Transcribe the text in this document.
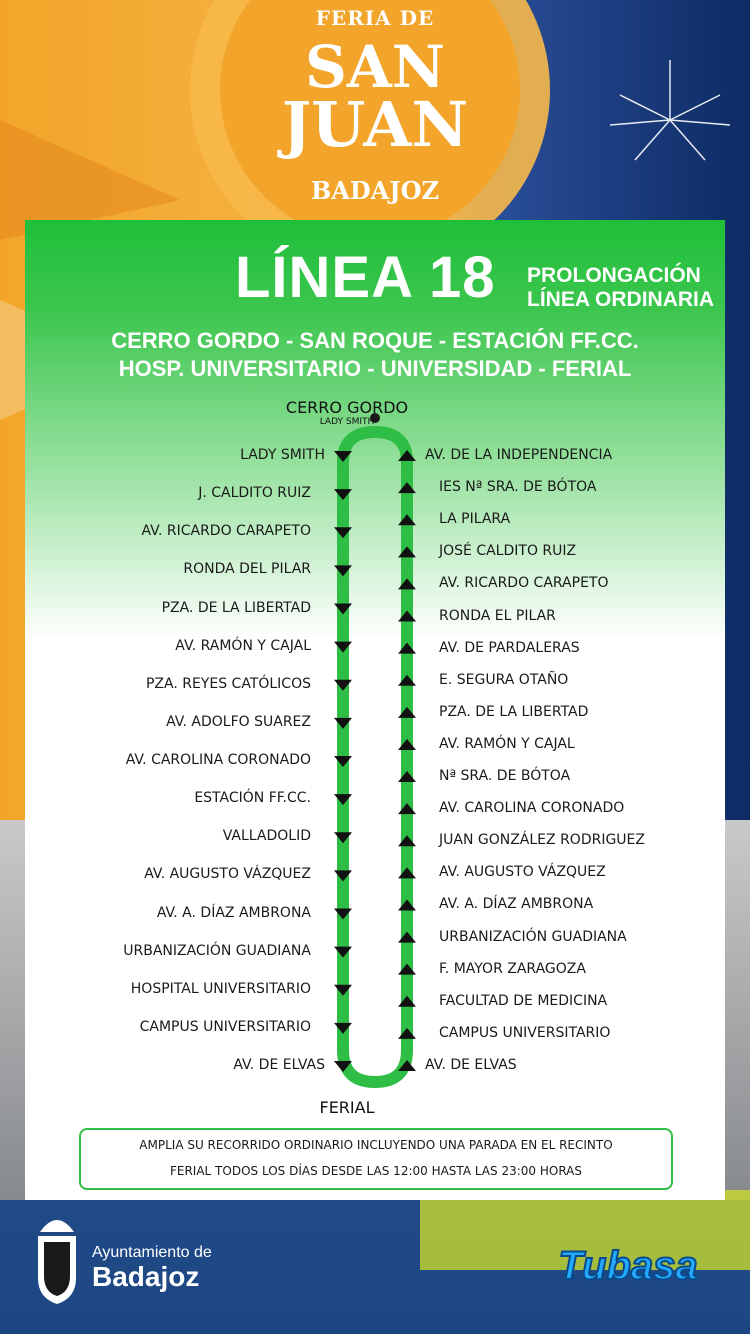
FERIA DE
SAN
JUAN
BADAJOZ
LÍNEA 18 PROLONGACIÓN
LÍNEA ORDINARIA
CERRO GORDO - SAN ROQUE - ESTACIÓN FF.CC.
HOSP. UNIVERSITARIO - UNIVERSIDAD - FERIAL
CERRO GORDO
LADY SMITH
FERIAL
LADY SMITH
J. CALDITO RUIZ
AV. RICARDO CARAPETO
RONDA DEL PILAR
PZA. DE LA LIBERTAD
AV. RAMÓN Y CAJAL
PZA. REYES CATÓLICOS
AV. ADOLFO SUAREZ
AV. CAROLINA CORONADO
ESTACIÓN FF.CC.
VALLADOLID
AV. AUGUSTO VÁZQUEZ
AV. A. DÍAZ AMBRONA
URBANIZACIÓN GUADIANA
HOSPITAL UNIVERSITARIO
CAMPUS UNIVERSITARIO
AV. DE ELVAS
AV. DE LA INDEPENDENCIA
IES Nª SRA. DE BÓTOA
LA PILARA
JOSÉ CALDITO RUIZ
AV. RICARDO CARAPETO
RONDA EL PILAR
AV. DE PARDALERAS
E. SEGURA OTAÑO
PZA. DE LA LIBERTAD
AV. RAMÓN Y CAJAL
Nª SRA. DE BÓTOA
AV. CAROLINA CORONADO
JUAN GONZÁLEZ RODRIGUEZ
AV. AUGUSTO VÁZQUEZ
AV. A. DÍAZ AMBRONA
URBANIZACIÓN GUADIANA
F. MAYOR ZARAGOZA
FACULTAD DE MEDICINA
CAMPUS UNIVERSITARIO
AV. DE ELVAS
AMPLIA SU RECORRIDO ORDINARIO INCLUYENDO UNA PARADA EN EL RECINTO
FERIAL TODOS LOS DÍAS DESDE LAS 12:00 HASTA LAS 23:00 HORAS
Ayuntamiento de
Badajoz	Tubasa
